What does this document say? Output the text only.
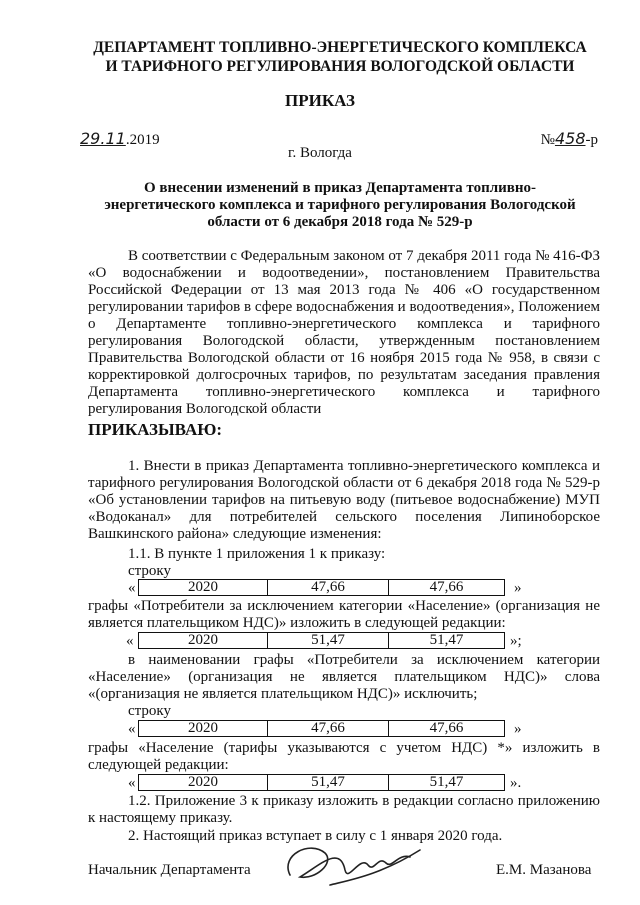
ДЕПАРТАМЕНТ ТОПЛИВНО-ЭНЕРГЕТИЧЕСКОГО КОМПЛЕКСА
И ТАРИФНОГО РЕГУЛИРОВАНИЯ ВОЛОГОДСКОЙ ОБЛАСТИ
ПРИКАЗ
29.11.2019	№458-р
г. Вологда
О внесении изменений в приказ Департамента топливно-
энергетического комплекса и тарифного регулирования Вологодской
области от 6 декабря 2018 года № 529-р

В соответствии с Федеральным законом от 7 декабря 2011 года № 416-ФЗ «О водоснабжении и водоотведении», постановлением Правительства Российской Федерации от 13 мая 2013 года № 406 «О государственном регулировании тарифов в сфере водоснабжения и водоотведения», Положением о Департаменте топливно-энергетического комплекса и тарифного регулирования Вологодской области, утвержденным постановлением Правительства Вологодской области от 16 ноября 2015 года № 958, в связи с корректировкой долгосрочных тарифов, по результатам заседания правления Департамента топливно-энергетического комплекса и тарифного регулирования Вологодской области

ПРИКАЗЫВАЮ:

1. Внести в приказ Департамента топливно-энергетического комплекса и тарифного регулирования Вологодской области от 6 декабря 2018 года № 529-р «Об установлении тарифов на питьевую воду (питьевое водоснабжение) МУП «Водоканал» для потребителей сельского поселения Липиноборское Вашкинского района» следующие изменения:

1.1. В пункте 1 приложения 1 к приказу:
строку
«	2020	47,66	47,66	»

графы «Потребители за исключением категории «Население» (организация не является плательщиком НДС)» изложить в следующей редакции:

«	2020	51,47	51,47	»;

в наименовании графы «Потребители за исключением категории «Население» (организация не является плательщиком НДС)» слова «(организация не является плательщиком НДС)» исключить;

строку
«	2020	47,66	47,66	»

графы «Население (тарифы указываются с учетом НДС) *» изложить в следующей редакции:

«	2020	51,47	51,47	».

1.2. Приложение 3 к приказу изложить в редакции согласно приложению к настоящему приказу.

2. Настоящий приказ вступает в силу с 1 января 2020 года.

Начальник Департамента	Е.М. Мазанова
